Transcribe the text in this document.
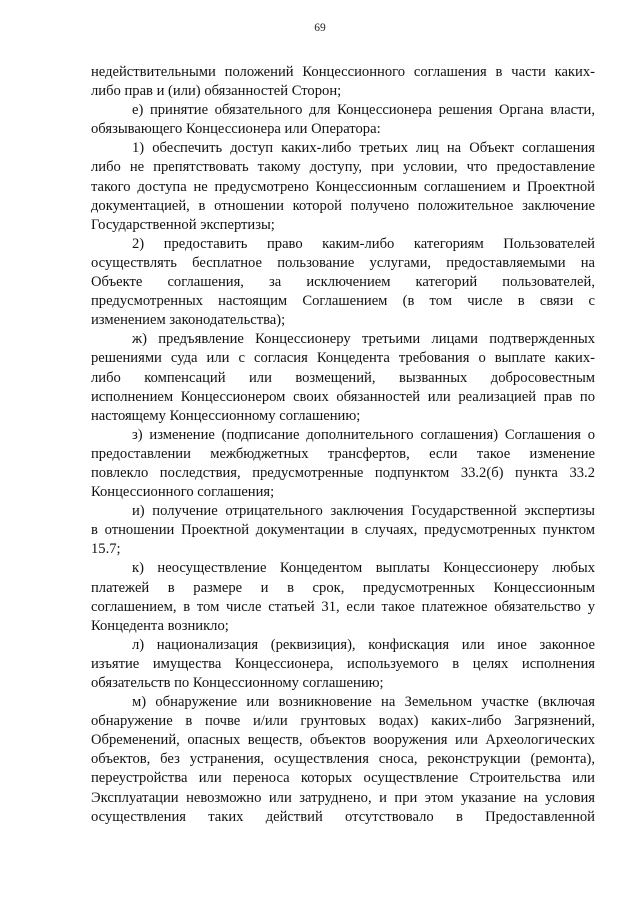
69
недействительными положений Концессионного соглашения в части каких-
либо прав и (или) обязанностей Сторон;
е) принятие обязательного для Концессионера решения Органа власти,
обязывающего Концессионера или Оператора:
1) обеспечить доступ каких-либо третьих лиц на Объект соглашения
либо не препятствовать такому доступу, при условии, что предоставление
такого доступа не предусмотрено Концессионным соглашением и Проектной
документацией, в отношении которой получено положительное заключение
Государственной экспертизы;
2) предоставить право каким-либо категориям Пользователей
осуществлять бесплатное пользование услугами, предоставляемыми на
Объекте соглашения, за исключением категорий пользователей,
предусмотренных настоящим Соглашением (в том числе в связи с
изменением законодательства);
ж) предъявление Концессионеру третьими лицами подтвержденных
решениями суда или с согласия Концедента требования о выплате каких-
либо компенсаций или возмещений, вызванных добросовестным
исполнением Концессионером своих обязанностей или реализацией прав по
настоящему Концессионному соглашению;
з) изменение (подписание дополнительного соглашения) Соглашения о
предоставлении межбюджетных трансфертов, если такое изменение
повлекло последствия, предусмотренные подпунктом 33.2(б) пункта 33.2
Концессионного соглашения;
и) получение отрицательного заключения Государственной экспертизы
в отношении Проектной документации в случаях, предусмотренных пунктом
15.7;
к) неосуществление Концедентом выплаты Концессионеру любых
платежей в размере и в срок, предусмотренных Концессионным
соглашением, в том числе статьей 31, если такое платежное обязательство у
Концедента возникло;
л) национализация (реквизиция), конфискация или иное законное
изъятие имущества Концессионера, используемого в целях исполнения
обязательств по Концессионному соглашению;
м) обнаружение или возникновение на Земельном участке (включая
обнаружение в почве и/или грунтовых водах) каких-либо Загрязнений,
Обременений, опасных веществ, объектов вооружения или Археологических
объектов, без устранения, осуществления сноса, реконструкции (ремонта),
переустройства или переноса которых осуществление Строительства или
Эксплуатации невозможно или затруднено, и при этом указание на условия
осуществления таких действий отсутствовало в Предоставленной
